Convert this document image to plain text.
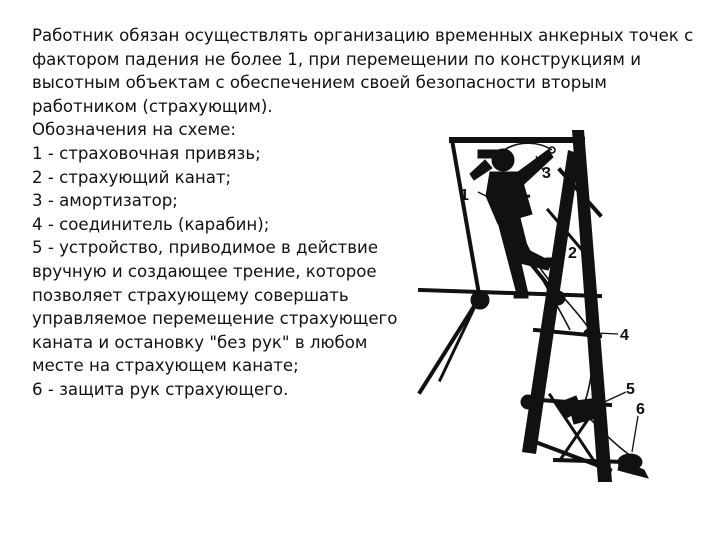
Работник обязан осуществлять организацию временных анкерных точек с
фактором падения не более 1, при перемещении по конструкциям и
высотным объектам с обеспечением своей безопасности вторым
работником (страхующим).
Обозначения на схеме:
1 - страховочная привязь;
2 - страхующий канат;
3 - амортизатор;
4 - соединитель (карабин);
5 - устройство, приводимое в действие
вручную и создающее трение, которое
позволяет страхующему совершать
управляемое перемещение страхующего
каната и остановку "без рук" в любом
месте на страхующем канате;
6 - защита рук страхующего.
1
2
3
4
5
6
